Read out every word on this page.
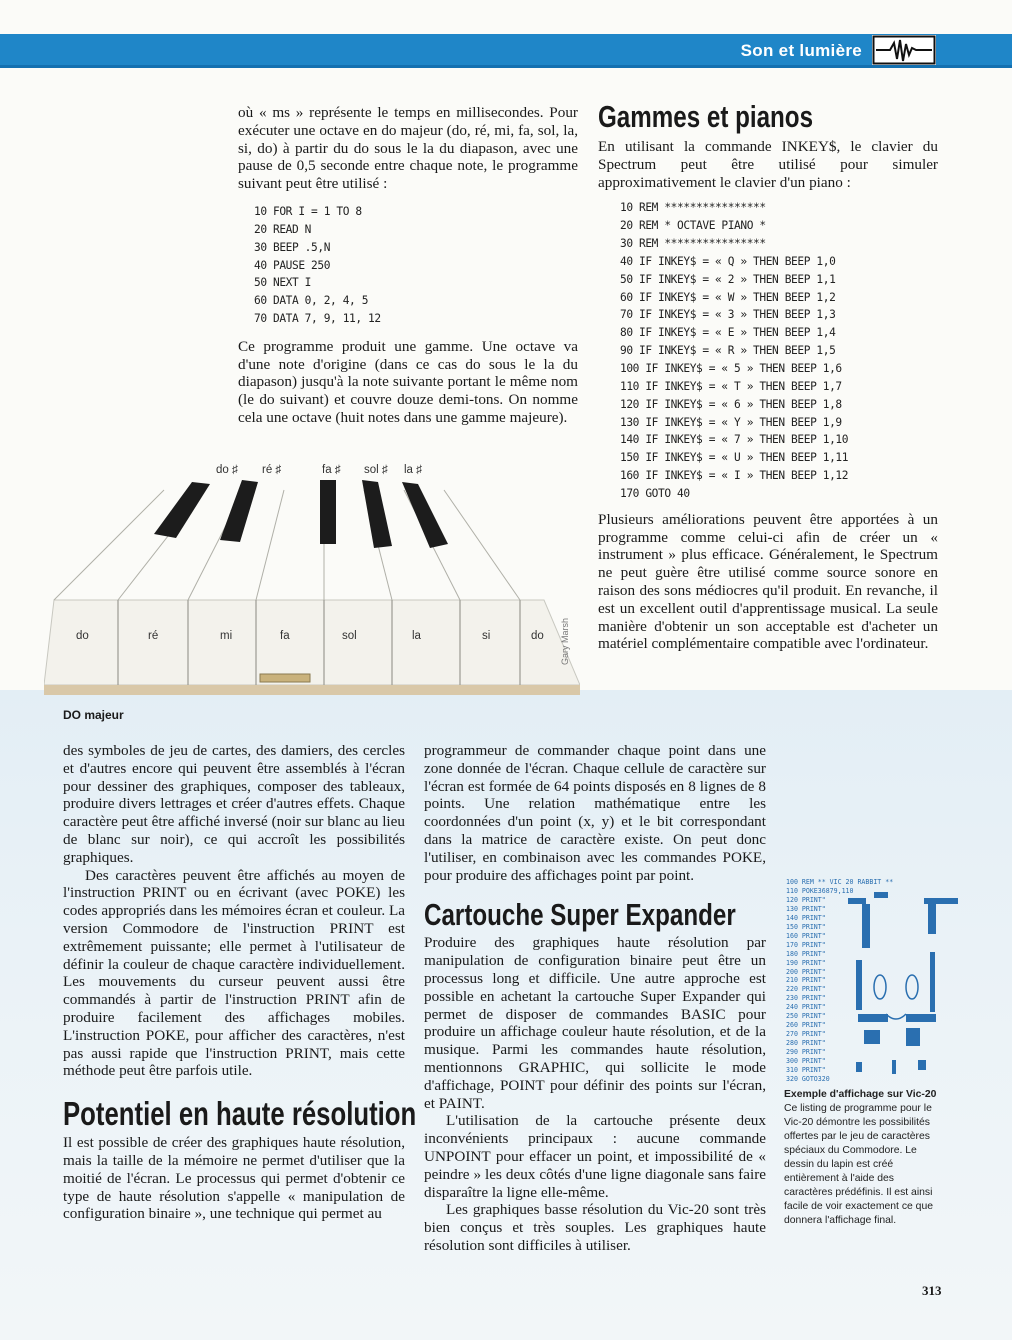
Son et lumière

où « ms » représente le temps en millisecondes. Pour exécuter une octave en do majeur (do, ré, mi, fa, sol, la, si, do) à partir du do sous le la du diapason, avec une pause de 0,5 seconde entre chaque note, le programme suivant peut être utilisé :

10 FOR I = 1 TO 8
20 READ N
30 BEEP .5,N
40 PAUSE 250
50 NEXT I
60 DATA 0, 2, 4, 5
70 DATA 7, 9, 11, 12

Ce programme produit une gamme. Une octave va d'une note d'origine (dans ce cas do sous le la du diapason) jusqu'à la note suivante portant le même nom (le do suivant) et couvre douze demi-tons. On nomme cela une octave (huit notes dans une gamme majeure).

do ♯ ré ♯	fa ♯ sol ♯ la ♯
do	ré	mi	fa	sol	la	si	do Gary Marsh
DO majeur
Gammes et pianos

En utilisant la commande INKEY$, le clavier du Spectrum peut être utilisé pour simuler approximativement le clavier d'un piano :

10 REM ****************
20 REM * OCTAVE PIANO *
30 REM ****************
40 IF INKEY$ = « Q » THEN BEEP 1,0
50 IF INKEY$ = « 2 » THEN BEEP 1,1
60 IF INKEY$ = « W » THEN BEEP 1,2
70 IF INKEY$ = « 3 » THEN BEEP 1,3
80 IF INKEY$ = « E » THEN BEEP 1,4
90 IF INKEY$ = « R » THEN BEEP 1,5
100 IF INKEY$ = « 5 » THEN BEEP 1,6
110 IF INKEY$ = « T » THEN BEEP 1,7
120 IF INKEY$ = « 6 » THEN BEEP 1,8
130 IF INKEY$ = « Y » THEN BEEP 1,9
140 IF INKEY$ = « 7 » THEN BEEP 1,10
150 IF INKEY$ = « U » THEN BEEP 1,11
160 IF INKEY$ = « I » THEN BEEP 1,12
170 GOTO 40

Plusieurs améliorations peuvent être apportées à un programme comme celui-ci afin de créer un « instrument » plus efficace. Généralement, le Spectrum ne peut guère être utilisé comme source sonore en raison des sons médiocres qu'il produit. En revanche, il est un excellent outil d'apprentissage musical. La seule manière d'obtenir un son acceptable est d'acheter un matériel complémentaire compatible avec l'ordinateur.

des symboles de jeu de cartes, des damiers, des cercles et d'autres encore qui peuvent être assemblés à l'écran pour dessiner des graphiques, composer des tableaux, produire divers lettrages et créer d'autres effets. Chaque caractère peut être affiché inversé (noir sur blanc au lieu de blanc sur noir), ce qui accroît les possibilités graphiques.

Des caractères peuvent être affichés au moyen de l'instruction PRINT ou en écrivant (avec POKE) les codes appropriés dans les mémoires écran et couleur. La version Commodore de l'instruction PRINT est extrêmement puissante; elle permet à l'utilisateur de définir la couleur de chaque caractère individuellement. Les mouvements du curseur peuvent aussi être commandés à partir de l'instruction PRINT afin de produire facilement des affichages mobiles. L'instruction POKE, pour afficher des caractères, n'est pas aussi rapide que l'instruction PRINT, mais cette méthode peut être parfois utile.

Potentiel en haute résolution

Il est possible de créer des graphiques haute résolution, mais la taille de la mémoire ne permet d'utiliser que la moitié de l'écran. Le processus qui permet d'obtenir ce type de haute résolution s'appelle « manipulation de configuration binaire », une technique qui permet au

programmeur de commander chaque point dans une zone donnée de l'écran. Chaque cellule de caractère sur l'écran est formée de 64 points disposés en 8 lignes de 8 points. Une relation mathématique entre les coordonnées d'un point (x, y) et le bit correspondant dans la matrice de caractère existe. On peut donc l'utiliser, en combinaison avec les commandes POKE, pour produire des affichages point par point.

Cartouche Super Expander

Produire des graphiques haute résolution par manipulation de configuration binaire peut être un processus long et difficile. Une autre approche est possible en achetant la cartouche Super Expander qui permet de disposer de commandes BASIC pour produire un affichage couleur haute résolution, et de la musique. Parmi les commandes haute résolution, mentionnons GRAPHIC, qui sollicite le mode d'affichage, POINT pour définir des points sur l'écran, et PAINT.

L'utilisation de la cartouche présente deux inconvénients principaux : aucune commande UNPOINT pour effacer un point, et impossibilité de « peindre » les deux côtés d'une ligne diagonale sans faire disparaître la ligne elle-même.

Les graphiques basse résolution du Vic-20 sont très bien conçus et très souples. Les graphiques haute résolution sont difficiles à utiliser.

100 REM ** VIC 20 RABBIT **
110 POKE36879,110
120 PRINT"
130 PRINT"
140 PRINT"
150 PRINT"
160 PRINT"
170 PRINT"
180 PRINT"
190 PRINT"
200 PRINT"
210 PRINT"
220 PRINT"
230 PRINT"
240 PRINT"
250 PRINT"
260 PRINT"
270 PRINT"
280 PRINT"
290 PRINT"
300 PRINT"
310 PRINT"
320 GOTO320
Exemple d'affichage sur Vic-20
Ce listing de programme pour le Vic-20 démontre les possibilités offertes par le jeu de caractères spéciaux du Commodore. Le dessin du lapin est créé entièrement à l'aide des caractères prédéfinis. Il est ainsi facile de voir exactement ce que donnera l'affichage final.
313
